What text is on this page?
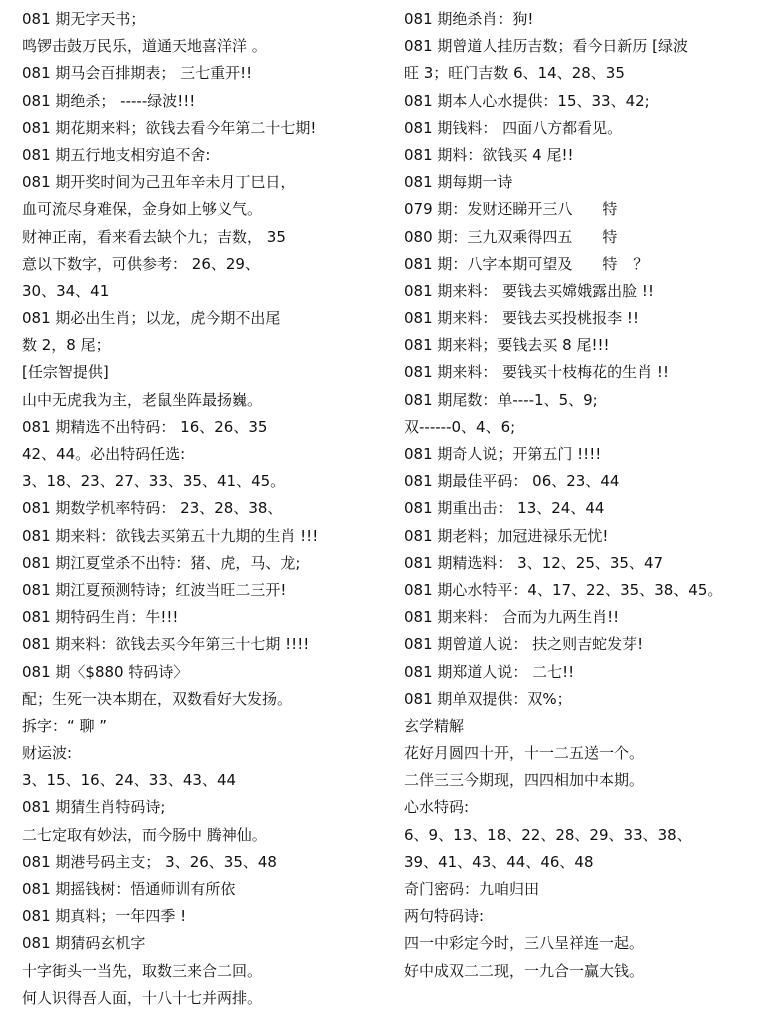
081 期无字天书；
鸣锣击鼓万民乐，道通天地喜洋洋 。
081 期马会百排期表； 三七重开!!
081 期绝杀； -----绿波!!!
081 期花期来料；欲钱去看今年第二十七期!
081 期五行地支相穷追不舍:
081 期开奖时间为己丑年辛未月丁巳日，
血可流尽身难保，金身如上够义气。
财神正南，看来看去缺个九；吉数， 35
意以下数字，可供参考： 26、29、
30、34、41
081 期必出生肖；以龙，虎今期不出尾
数 2，8 尾；
[任宗智提供]
山中无虎我为主，老鼠坐阵最扬巍。
081 期精选不出特码： 16、26、35
42、44。必出特码任选:
3、18、23、27、33、35、41、45。
081 期数学机率特码： 23、28、38、
081 期来料：欲钱去买第五十九期的生肖 !!!
081 期江夏堂杀不出特：猪、虎，马、龙;
081 期江夏预测特诗；红波当旺二三开!
081 期特码生肖：牛!!!
081 期来料：欲钱去买今年第三十七期 !!!!
081 期〈$880 特码诗〉
配；生死一决本期在，双数看好大发扬。
拆字：“ 聊 ”
财运波:
3、15、16、24、33、43、44
081 期猜生肖特码诗;
二七定取有妙法，而今肠中 腾神仙。
081 期港号码主支； 3、26、35、48
081 期摇钱树：悟通师训有所依
081 期真料；一年四季 !
081 期猜码玄机字
十字街头一当先，取数三来合二回。
何人识得吾人面，十八十七并两排。
081 期绝杀肖：狗!
081 期曾道人挂历吉数；看今日新历 [绿波
旺 3；旺门吉数 6、14、28、35
081 期本人心水提供：15、33、42;
081 期钱料： 四面八方都看见。
081 期料：欲钱买 4 尾!!
081 期每期一诗
079 期：发财还睇开三八 特
080 期：三九双乘得四五 特
081 期：八字本期可望及 特 ？
081 期来料： 要钱去买嫦娥露出脸 !!
081 期来料： 要钱去买投桃报李 !!
081 期来料；要钱去买 8 尾!!!
081 期来料： 要钱买十枝梅花的生肖 !!
081 期尾数：单----1、5、9;
双------0、4、6;
081 期奇人说；开第五门 !!!!
081 期最佳平码： 06、23、44
081 期重出击： 13、24、44
081 期老料；加冠进禄乐无忧!
081 期精选料： 3、12、25、35、47
081 期心水特平：4、17、22、35、38、45。
081 期来料： 合而为九两生肖!!
081 期曾道人说： 扶之则吉蛇发芽!
081 期郑道人说： 二七!!
081 期单双提供：双%；
玄学精解
花好月圆四十开，十一二五送一个。
二伴三三今期现，四四相加中本期。
心水特码:
6、9、13、18、22、28、29、33、38、
39、41、43、44、46、48
奇门密码：九咱归田
两句特码诗:
四一中彩定今时，三八呈祥连一起。
好中成双二二现，一九合一赢大钱。
